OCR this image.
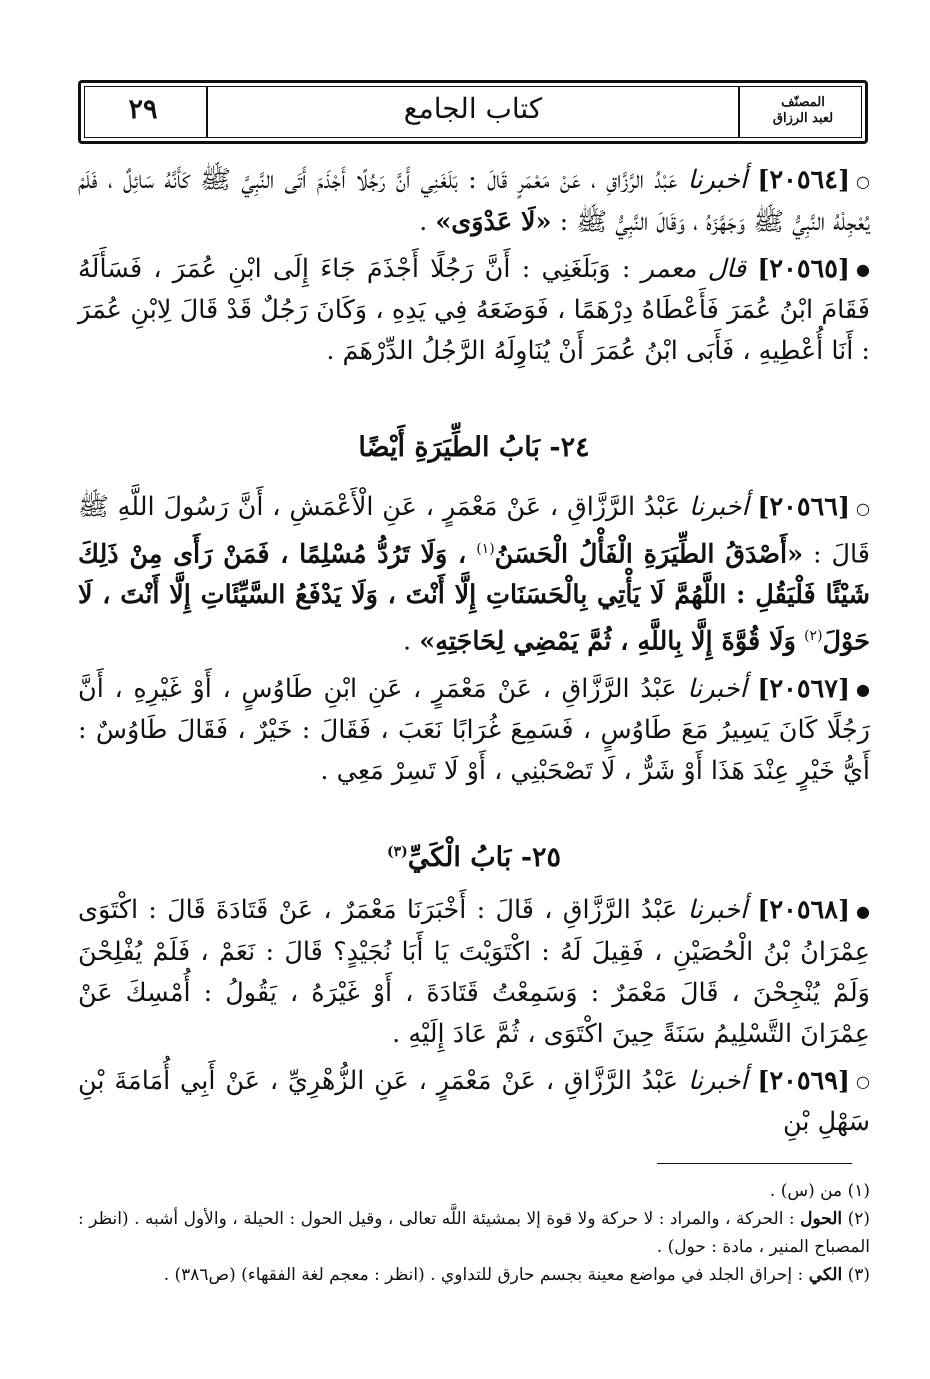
٢٩	كتاب الجامع	المصنّف
لعبد الرزاق

○[٢٠٥٦٤] أخبرنا عَبْدُ الرَّزَّاقِ ، عَنْ مَعْمَرٍ قَالَ : بَلَغَنِي أَنَّ رَجُلًا أَجْذَمَ أَتَى النَّبِيَّ ﷺ كَأَنَّهُ سَائِلٌ ، فَلَمْ يُعْجِلْهُ النَّبِيُّ ﷺ وَجَهَّزَهُ ، وَقَالَ النَّبِيُّ ﷺ : «لَا عَدْوَى» .

●[٢٠٥٦٥] قال معمر : وَبَلَغَنِي : أَنَّ رَجُلًا أَجْذَمَ جَاءَ إِلَى ابْنِ عُمَرَ ، فَسَأَلَهُ فَقَامَ ابْنُ عُمَرَ فَأَعْطَاهُ دِرْهَمًا ، فَوَضَعَهُ فِي يَدِهِ ، وَكَانَ رَجُلٌ قَدْ قَالَ لِابْنِ عُمَرَ : أَنَا أُعْطِيهِ ، فَأَبَى ابْنُ عُمَرَ أَنْ يُنَاوِلَهُ الرَّجُلُ الدِّرْهَمَ .

٢٤- بَابُ الطِّيَرَةِ أَيْضًا

○[٢٠٥٦٦] أخبرنا عَبْدُ الرَّزَّاقِ ، عَنْ مَعْمَرٍ ، عَنِ الْأَعْمَشِ ، أَنَّ رَسُولَ اللَّهِ ﷺ قَالَ : «أَصْدَقُ الطِّيَرَةِ الْفَأْلُ الْحَسَنُ$^{(١)}$ ، وَلَا تَرُدُّ مُسْلِمًا ، فَمَنْ رَأَى مِنْ ذَلِكَ شَيْئًا فَلْيَقُلِ : اللَّهُمَّ لَا يَأْتِي بِالْحَسَنَاتِ إِلَّا أَنْتَ ، وَلَا يَدْفَعُ السَّيِّئَاتِ إِلَّا أَنْتَ ، لَا حَوْلَ$^{(٢)}$ وَلَا قُوَّةَ إِلَّا بِاللَّهِ ، ثُمَّ يَمْضِي لِحَاجَتِهِ» .

●[٢٠٥٦٧] أخبرنا عَبْدُ الرَّزَّاقِ ، عَنْ مَعْمَرٍ ، عَنِ ابْنِ طَاوُسٍ ، أَوْ غَيْرِهِ ، أَنَّ رَجُلًا كَانَ يَسِيرُ مَعَ طَاوُسٍ ، فَسَمِعَ غُرَابًا نَعَبَ ، فَقَالَ : خَيْرٌ ، فَقَالَ طَاوُسٌ : أَيُّ خَيْرٍ عِنْدَ هَذَا أَوْ شَرٌّ ، لَا تَصْحَبْنِي ، أَوْ لَا تَسِرْ مَعِي .

٢٥- بَابُ الْكَيِّ$^{(٣)}$

●[٢٠٥٦٨] أخبرنا عَبْدُ الرَّزَّاقِ ، قَالَ : أَخْبَرَنَا مَعْمَرٌ ، عَنْ قَتَادَةَ قَالَ : اكْتَوَى عِمْرَانُ بْنُ الْحُصَيْنِ ، فَقِيلَ لَهُ : اكْتَوَيْتَ يَا أَبَا نُجَيْدٍ؟ قَالَ : نَعَمْ ، فَلَمْ يُفْلِحْنَ وَلَمْ يُنْجِحْنَ ، قَالَ مَعْمَرٌ : وَسَمِعْتُ قَتَادَةَ ، أَوْ غَيْرَهُ ، يَقُولُ : أُمْسِكَ عَنْ عِمْرَانَ التَّسْلِيمُ سَنَةً حِينَ اكْتَوَى ، ثُمَّ عَادَ إِلَيْهِ .

○[٢٠٥٦٩] أخبرنا عَبْدُ الرَّزَّاقِ ، عَنْ مَعْمَرٍ ، عَنِ الزُّهْرِيِّ ، عَنْ أَبِي أُمَامَةَ بْنِ سَهْلِ بْنِ

(١) من (س) .

(٢) الحول : الحركة ، والمراد : لا حركة ولا قوة إلا بمشيئة اللَّه تعالى ، وقيل الحول : الحيلة ، والأول أشبه . (انظر : المصباح المنير ، مادة : حول) .

(٣) الكي : إحراق الجلد في مواضع معينة بجسم حارق للتداوي . (انظر : معجم لغة الفقهاء) (ص٣٨٦) .
